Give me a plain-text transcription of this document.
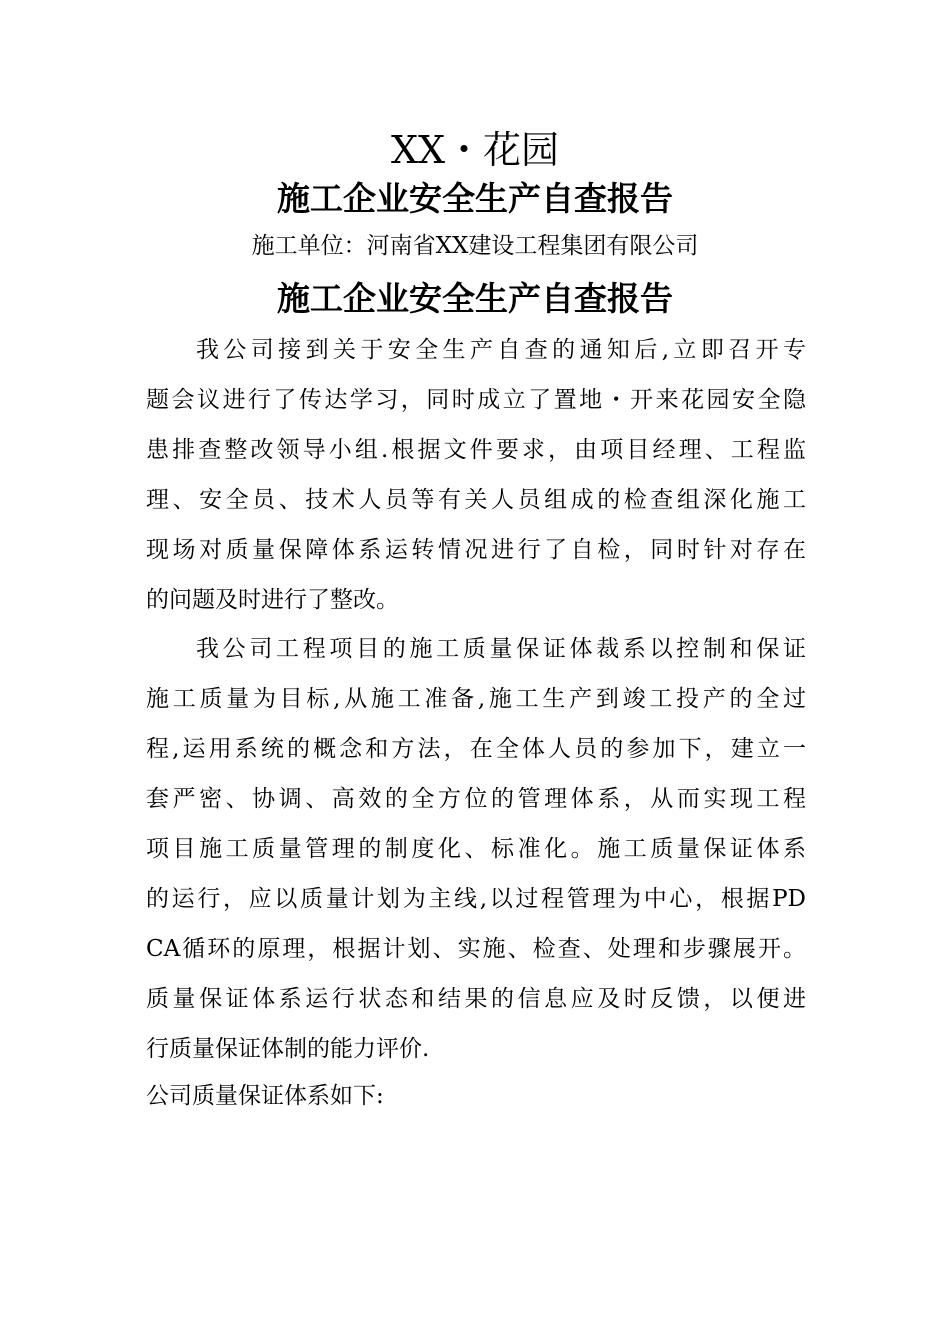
XX・花园
施工企业安全生产自查报告
施工单位：河南省XX建设工程集团有限公司
施工企业安全生产自查报告
我公司接到关于安全生产自查的通知后,立即召开专
题会议进行了传达学习，同时成立了置地・开来花园安全隐
患排查整改领导小组.根据文件要求，由项目经理、工程监
理、安全员、技术人员等有关人员组成的检查组深化施工
现场对质量保障体系运转情况进行了自检，同时针对存在
的问题及时进行了整改。
我公司工程项目的施工质量保证体裁系以控制和保证
施工质量为目标,从施工准备,施工生产到竣工投产的全过
程,运用系统的概念和方法，在全体人员的参加下，建立一
套严密、协调、高效的全方位的管理体系，从而实现工程
项目施工质量管理的制度化、标准化。施工质量保证体系
的运行，应以质量计划为主线,以过程管理为中心，根据PD
CA循环的原理，根据计划、实施、检查、处理和步骤展开。
质量保证体系运行状态和结果的信息应及时反馈，以便进
行质量保证体制的能力评价.
公司质量保证体系如下:
